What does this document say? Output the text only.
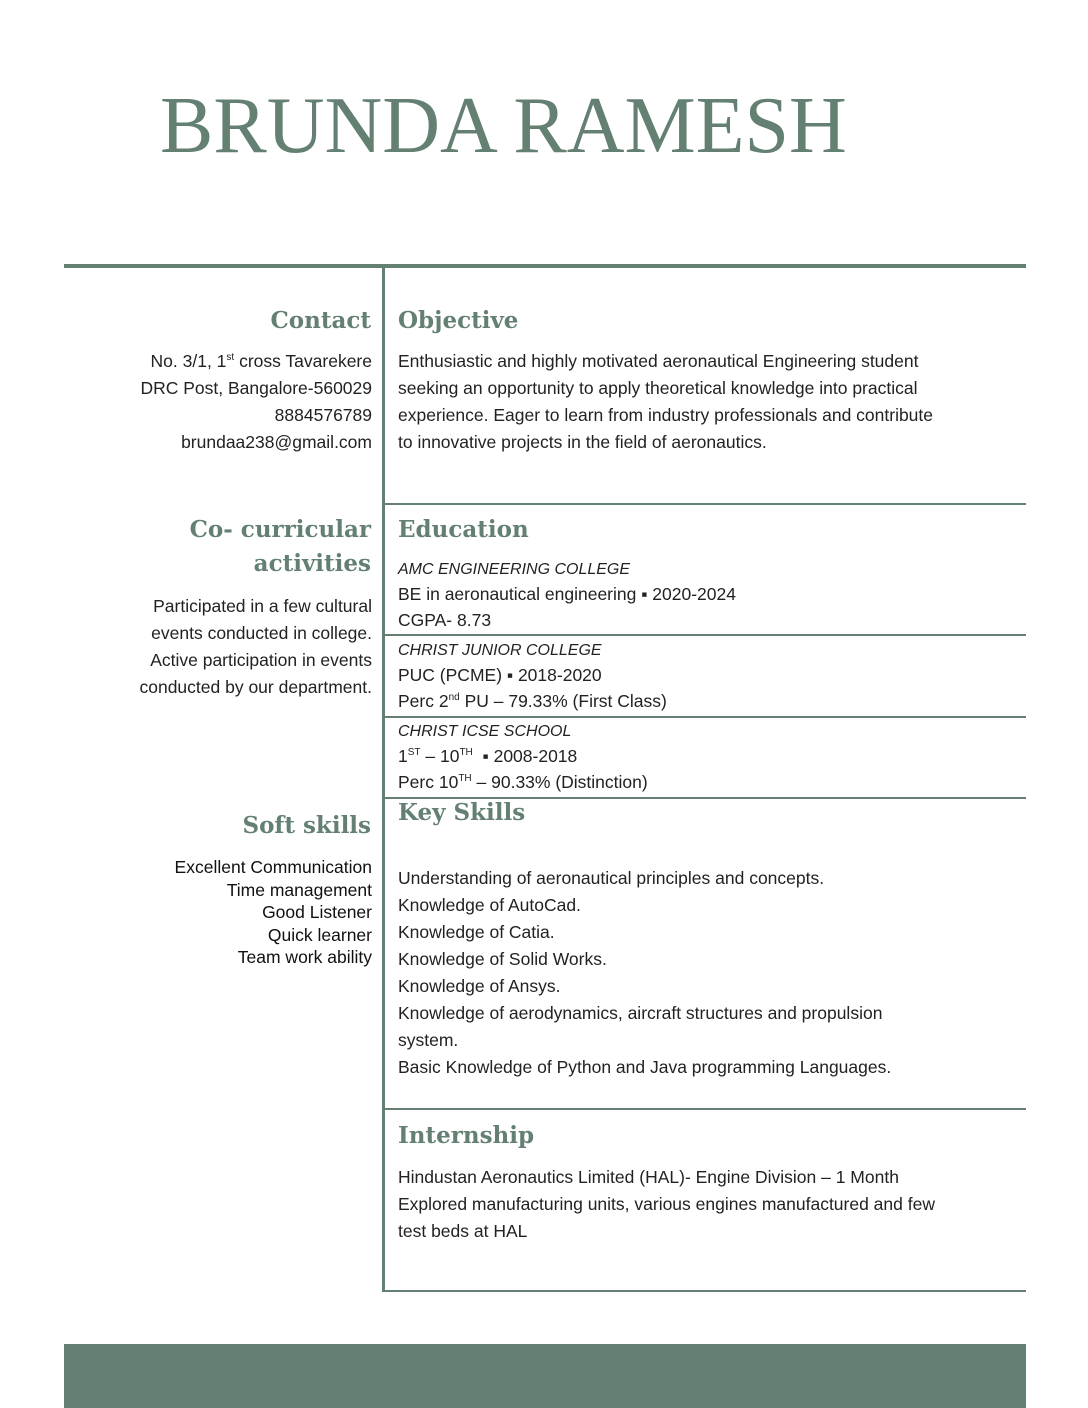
BRUNDA RAMESH
Contact
No. 3/1, 1st cross Tavarekere
DRC Post, Bangalore-560029
8884576789
brundaa238@gmail.com
Co- curricular
activities
Participated in a few cultural
events conducted in college.
Active participation in events
conducted by our department.
Soft skills
Excellent Communication
Time management
Good Listener
Quick learner
Team work ability
Objective
Enthusiastic and highly motivated aeronautical Engineering student
seeking an opportunity to apply theoretical knowledge into practical
experience. Eager to learn from industry professionals and contribute
to innovative projects in the field of aeronautics.
Education
AMC ENGINEERING COLLEGE
BE in aeronautical engineering ▪ 2020-2024
CGPA- 8.73
CHRIST JUNIOR COLLEGE
PUC (PCME) ▪ 2018-2020
Perc 2nd PU – 79.33% (First Class)
CHRIST ICSE SCHOOL
1ST – 10TH  ▪ 2008-2018
Perc 10TH – 90.33% (Distinction)
Key Skills
Understanding of aeronautical principles and concepts.
Knowledge of AutoCad.
Knowledge of Catia.
Knowledge of Solid Works.
Knowledge of Ansys.
Knowledge of aerodynamics, aircraft structures and propulsion
system.
Basic Knowledge of Python and Java programming Languages.
Internship
Hindustan Aeronautics Limited (HAL)- Engine Division – 1 Month
Explored manufacturing units, various engines manufactured and few
test beds at HAL
